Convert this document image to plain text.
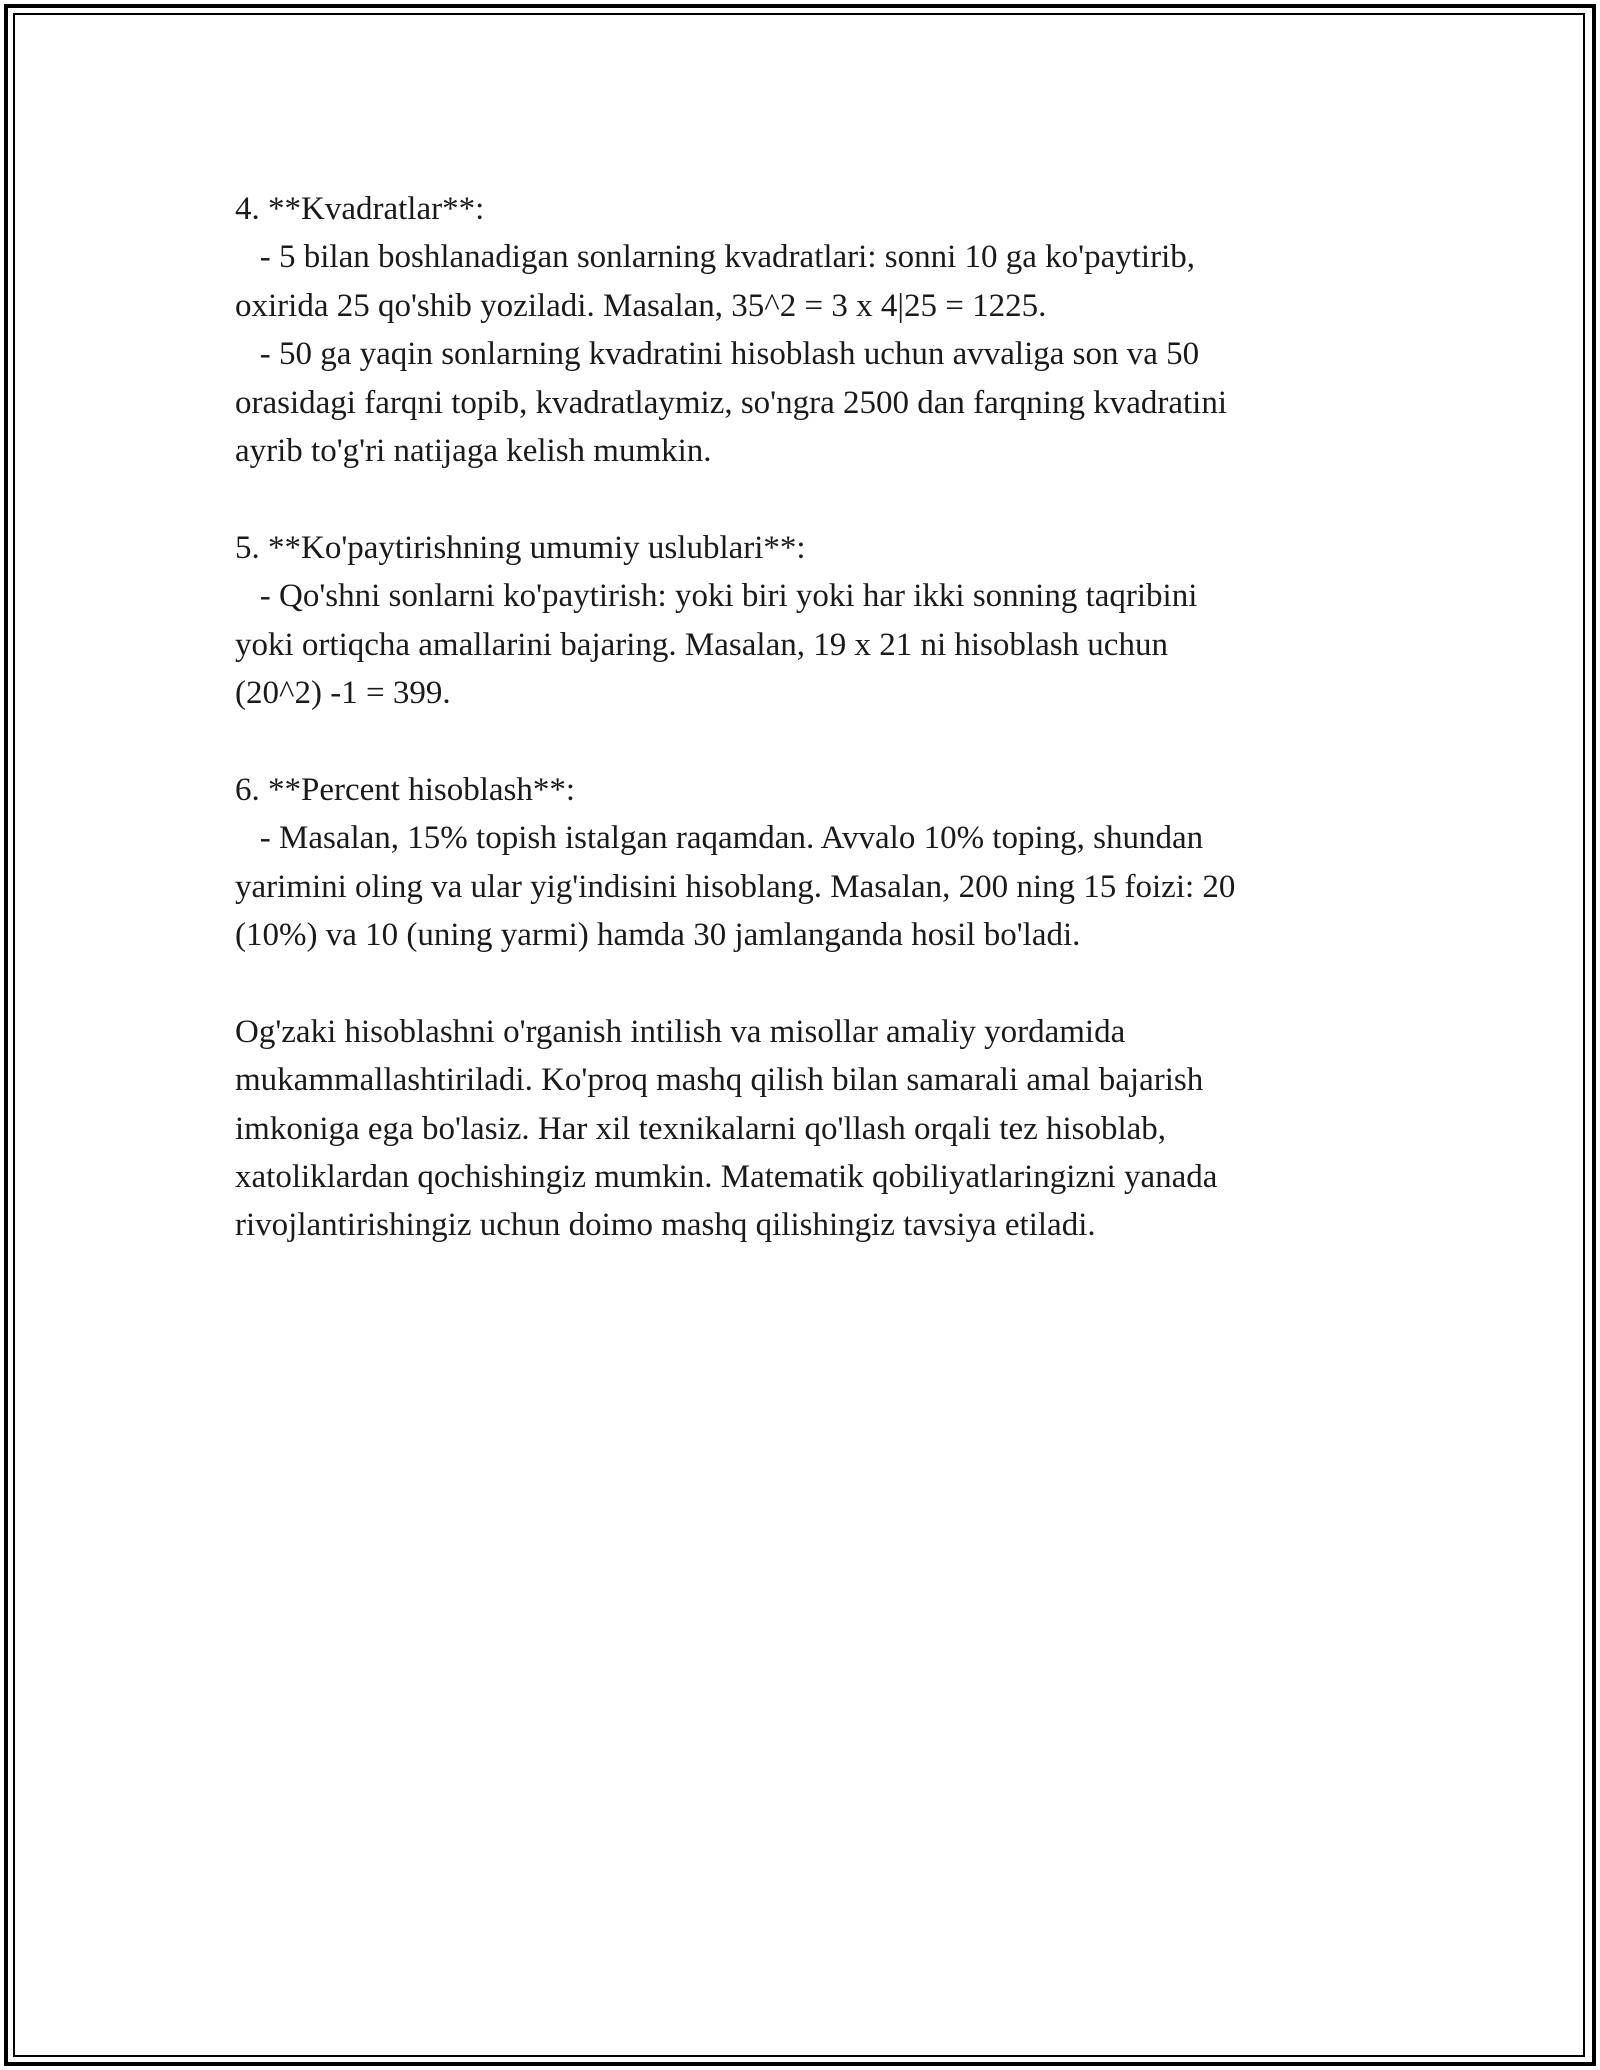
4. **Kvadratlar**:
- 5 bilan boshlanadigan sonlarning kvadratlari: sonni 10 ga ko'paytirib,
oxirida 25 qo'shib yoziladi. Masalan, 35^2 = 3 x 4|25 = 1225.
- 50 ga yaqin sonlarning kvadratini hisoblash uchun avvaliga son va 50
orasidagi farqni topib, kvadratlaymiz, so'ngra 2500 dan farqning kvadratini
ayrib to'g'ri natijaga kelish mumkin.
5. **Ko'paytirishning umumiy uslublari**:
- Qo'shni sonlarni ko'paytirish: yoki biri yoki har ikki sonning taqribini
yoki ortiqcha amallarini bajaring. Masalan, 19 x 21 ni hisoblash uchun
(20^2) -1 = 399.
6. **Percent hisoblash**:
- Masalan, 15% topish istalgan raqamdan. Avvalo 10% toping, shundan
yarimini oling va ular yig'indisini hisoblang. Masalan, 200 ning 15 foizi: 20
(10%) va 10 (uning yarmi) hamda 30 jamlanganda hosil bo'ladi.
Og'zaki hisoblashni o'rganish intilish va misollar amaliy yordamida
mukammallashtiriladi. Ko'proq mashq qilish bilan samarali amal bajarish
imkoniga ega bo'lasiz. Har xil texnikalarni qo'llash orqali tez hisoblab,
xatoliklardan qochishingiz mumkin. Matematik qobiliyatlaringizni yanada
rivojlantirishingiz uchun doimo mashq qilishingiz tavsiya etiladi.
